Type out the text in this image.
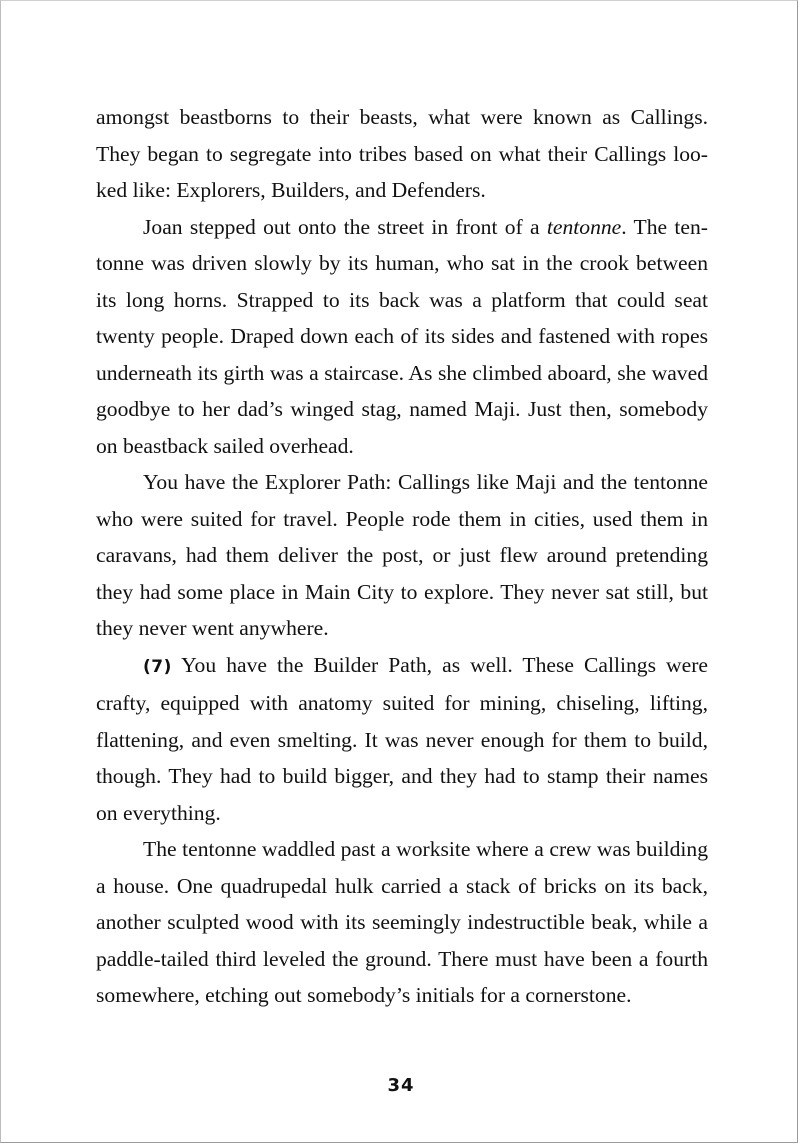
amongst beastborns to their beasts, what were known as Callings. They began to segregate into tribes based on what their Callings looked like: Explorers, Builders, and Defenders.

Joan stepped out onto the street in front of a tentonne. The tentonne was driven slowly by its human, who sat in the crook between its long horns. Strapped to its back was a platform that could seat twenty people. Draped down each of its sides and fastened with ropes underneath its girth was a staircase. As she climbed aboard, she waved goodbye to her dad’s winged stag, named Maji. Just then, somebody on beastback sailed overhead.

You have the Explorer Path: Callings like Maji and the tentonne who were suited for travel. People rode them in cities, used them in caravans, had them deliver the post, or just flew around pretending they had some place in Main City to explore. They never sat still, but they never went anywhere.

(7) You have the Builder Path, as well. These Callings were crafty, equipped with anatomy suited for mining, chiseling, lifting, flattening, and even smelting. It was never enough for them to build, though. They had to build bigger, and they had to stamp their names on everything.

The tentonne waddled past a worksite where a crew was building a house. One quadrupedal hulk carried a stack of bricks on its back, another sculpted wood with its seemingly indestructible beak, while a paddle-tailed third leveled the ground. There must have been a fourth somewhere, etching out somebody’s initials for a cornerstone.

34
